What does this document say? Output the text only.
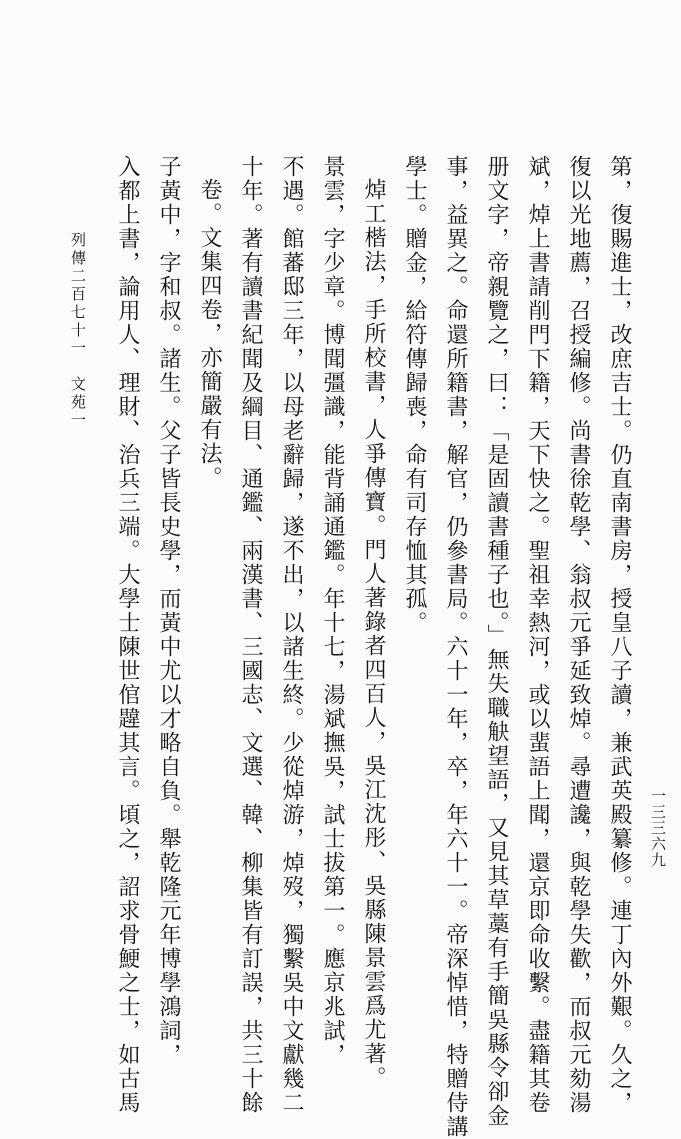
第，復賜進士，改庶吉士。仍直南書房，授皇八子讀，兼武英殿纂修。連丁內外艱。久之，
復以光地薦，召授編修。尚書徐乾學、翁叔元爭延致焯。尋遭讒，與乾學失歡，而叔元劾湯
斌，焯上書請削門下籍，天下快之。聖祖幸熱河，或以蜚語上聞，還京即命收繫。盡籍其卷
册文字，帝親覽之，曰：「是固讀書種子也。」無失職觖望語，又見其草藁有手簡吳縣令卻金
事，益異之。命還所籍書，解官，仍參書局。六十一年，卒，年六十一。帝深悼惜，特贈侍講
學士。贈金，給符傳歸喪，命有司存恤其孤。
焯工楷法，手所校書，人爭傳寶。門人著錄者四百人，吳江沈彤、吳縣陳景雲爲尤著。
景雲，字少章。博聞彊識，能背誦通鑑。年十七，湯斌撫吳，試士拔第一。應京兆試，
不遇。館蕃邸三年，以母老辭歸，遂不出，以諸生終。少從焯游，焯歿，獨繫吳中文獻幾二
十年。著有讀書紀聞及綱目、通鑑、兩漢書、三國志、文選、韓、柳集皆有訂誤，共三十餘
卷。文集四卷，亦簡嚴有法。
子黃中，字和叔。諸生。父子皆長史學，而黃中尤以才略自負。舉乾隆元年博學鴻詞，
入都上書，論用人、理財、治兵三端。大學士陳世倌韙其言。頃之，詔求骨鯁之士，如古馬
列傳二百七十一　文苑一
一三三六九
